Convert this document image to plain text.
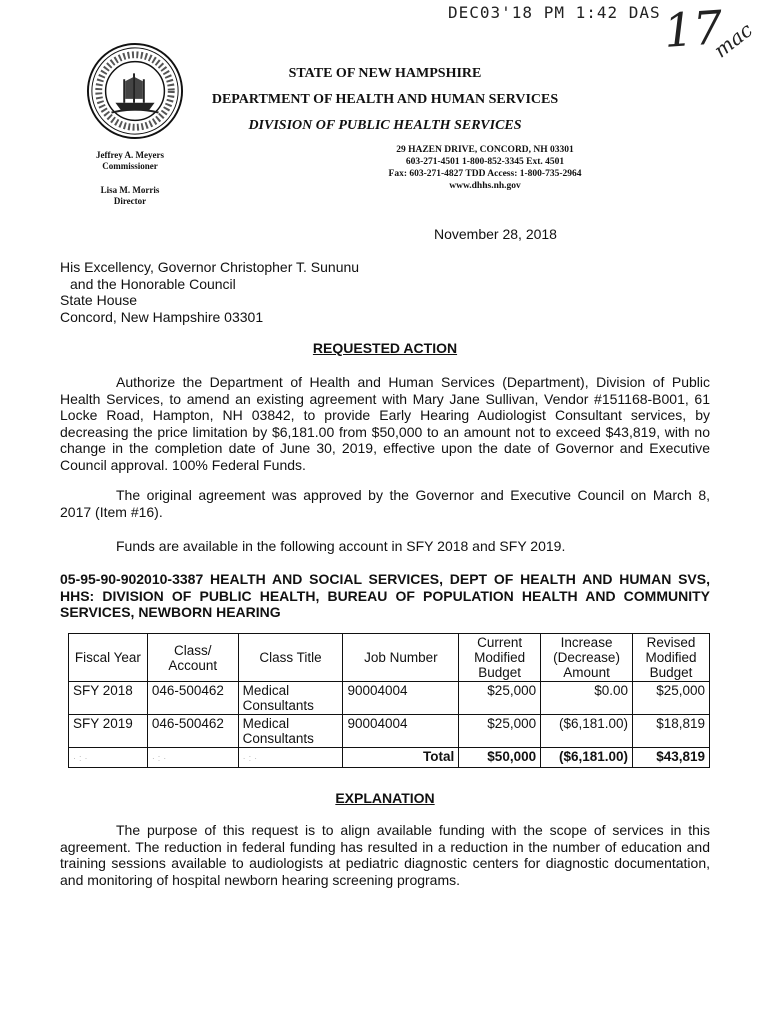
DEC03'18 PM 1:42 DAS 17
mac
STATE OF NEW HAMPSHIRE
DEPARTMENT OF HEALTH AND HUMAN SERVICES
DIVISION OF PUBLIC HEALTH SERVICES
Jeffrey A. Meyers
Commissioner
Lisa M. Morris
Director
29 HAZEN DRIVE, CONCORD, NH 03301
603-271-4501 1-800-852-3345 Ext. 4501
Fax: 603-271-4827 TDD Access: 1-800-735-2964
www.dhhs.nh.gov
November 28, 2018
His Excellency, Governor Christopher T. Sununu
and the Honorable Council
State House
Concord, New Hampshire 03301
REQUESTED ACTION
Authorize the Department of Health and Human Services (Department), Division of Public Health Services, to amend an existing agreement with Mary Jane Sullivan, Vendor #151168-B001, 61 Locke Road, Hampton, NH 03842, to provide Early Hearing Audiologist Consultant services, by decreasing the price limitation by $6,181.00 from $50,000 to an amount not to exceed $43,819, with no change in the completion date of June 30, 2019, effective upon the date of Governor and Executive Council approval. 100% Federal Funds.
The original agreement was approved by the Governor and Executive Council on March 8, 2017 (Item #16).
Funds are available in the following account in SFY 2018 and SFY 2019.
05-95-90-902010-3387 HEALTH AND SOCIAL SERVICES, DEPT OF HEALTH AND HUMAN SVS, HHS: DIVISION OF PUBLIC HEALTH, BUREAU OF POPULATION HEALTH AND COMMUNITY SERVICES, NEWBORN HEARING
Fiscal Year	Class/ Account	Class Title	Job Number	Current Modified Budget	Increase (Decrease) Amount	Revised Modified Budget
SFY 2018	046-500462	Medical Consultants	90004004	$25,000	$0.00	$25,000
SFY 2019	046-500462	Medical Consultants	90004004	$25,000	($6,181.00)	$18,819
·:·	·:·	·:·	Total	$50,000	($6,181.00)	$43,819
EXPLANATION
The purpose of this request is to align available funding with the scope of services in this agreement. The reduction in federal funding has resulted in a reduction in the number of education and training sessions available to audiologists at pediatric diagnostic centers for diagnostic documentation, and monitoring of hospital newborn hearing screening programs.
